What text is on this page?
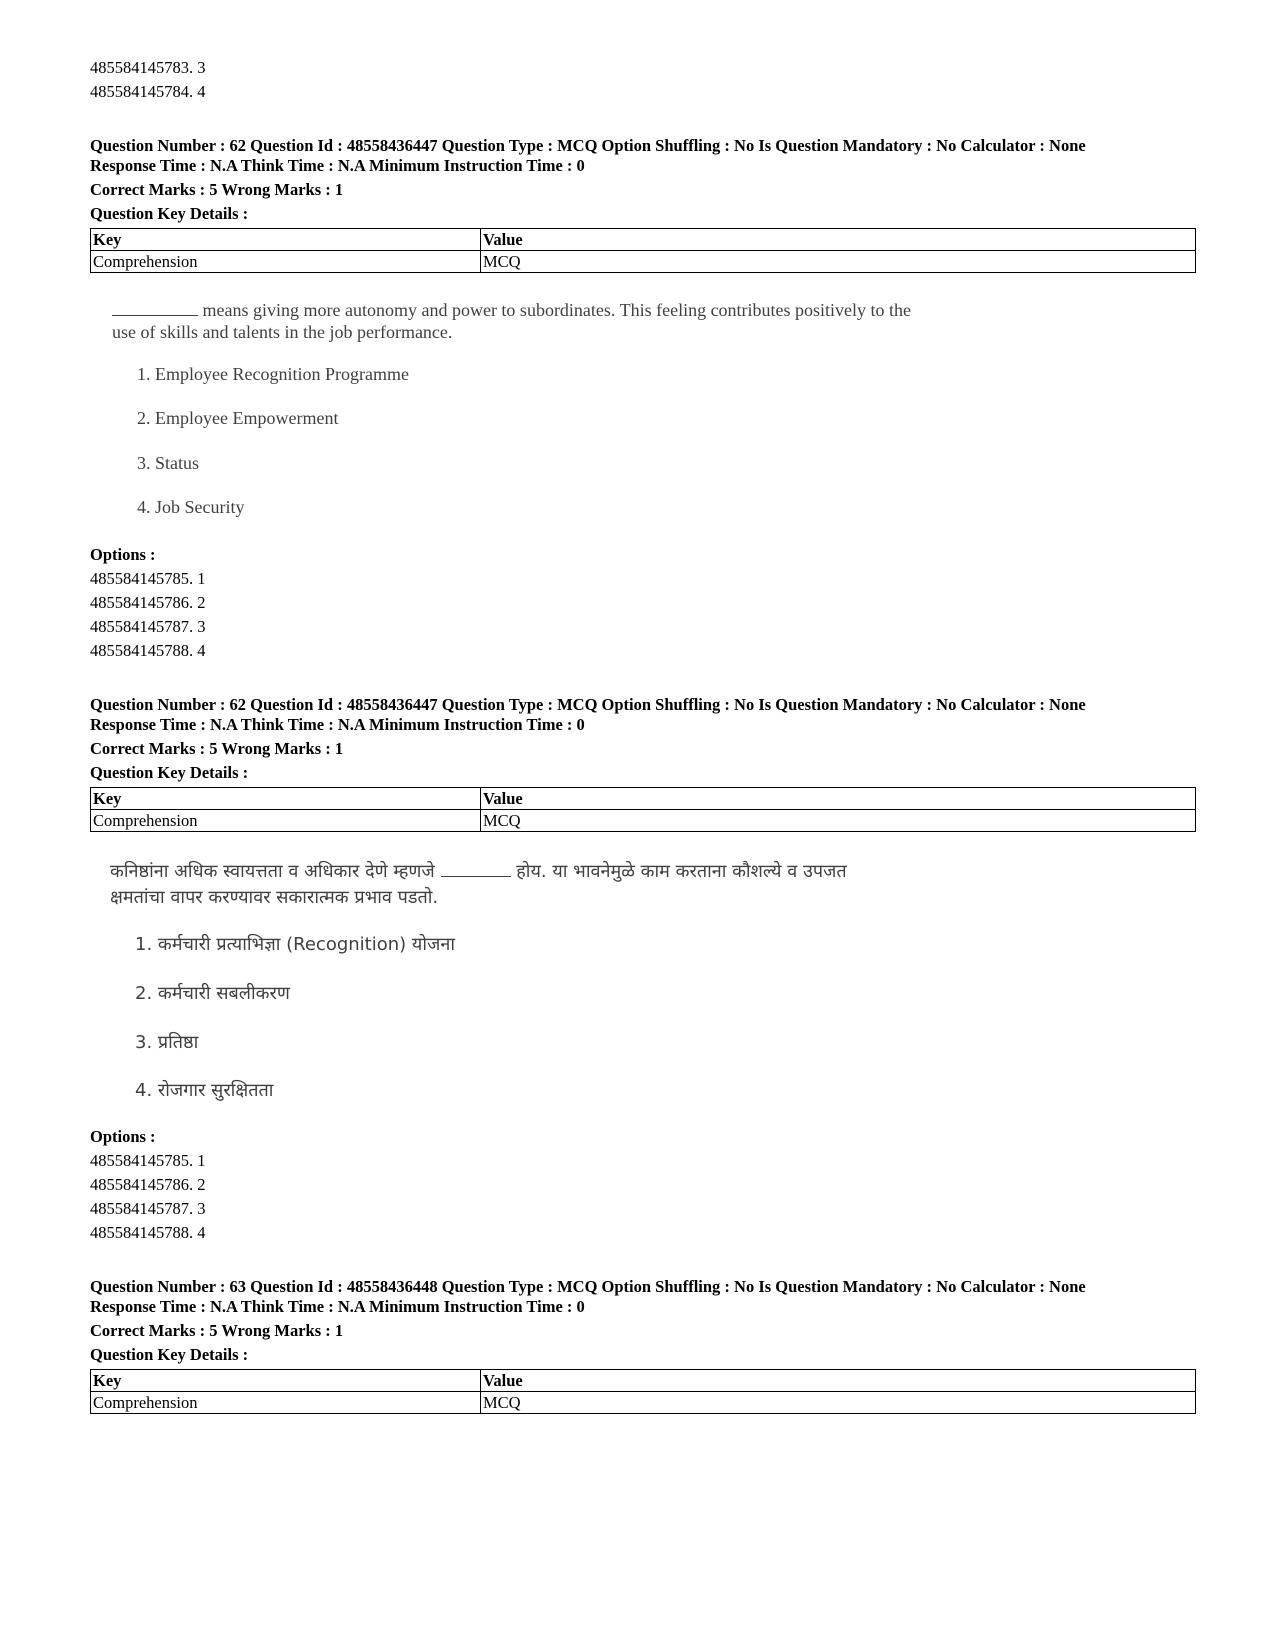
485584145783. 3
485584145784. 4
Question Number : 62 Question Id : 48558436447 Question Type : MCQ Option Shuffling : No Is Question Mandatory : No Calculator : None
Response Time : N.A Think Time : N.A Minimum Instruction Time : 0
Correct Marks : 5 Wrong Marks : 1
Question Key Details :
Key	Value
Comprehension	MCQ
means giving more autonomy and power to subordinates. This feeling contributes positively to the
use of skills and talents in the job performance.
1. Employee Recognition Programme
2. Employee Empowerment
3. Status
4. Job Security
Options :
485584145785. 1
485584145786. 2
485584145787. 3
485584145788. 4
Question Number : 62 Question Id : 48558436447 Question Type : MCQ Option Shuffling : No Is Question Mandatory : No Calculator : None
Response Time : N.A Think Time : N.A Minimum Instruction Time : 0
Correct Marks : 5 Wrong Marks : 1
Question Key Details :
Key	Value
Comprehension	MCQ
कनिष्ठांना अधिक स्वायत्तता व अधिकार देणे म्हणजे	होय. या भावनेमुळे काम करताना कौशल्ये व उपजत
क्षमतांचा वापर करण्यावर सकारात्मक प्रभाव पडतो.
1. कर्मचारी प्रत्याभिज्ञा (Recognition) योजना
2. कर्मचारी सबलीकरण
3. प्रतिष्ठा
4. रोजगार सुरक्षितता
Options :
485584145785. 1
485584145786. 2
485584145787. 3
485584145788. 4
Question Number : 63 Question Id : 48558436448 Question Type : MCQ Option Shuffling : No Is Question Mandatory : No Calculator : None
Response Time : N.A Think Time : N.A Minimum Instruction Time : 0
Correct Marks : 5 Wrong Marks : 1
Question Key Details :
Key	Value
Comprehension	MCQ
